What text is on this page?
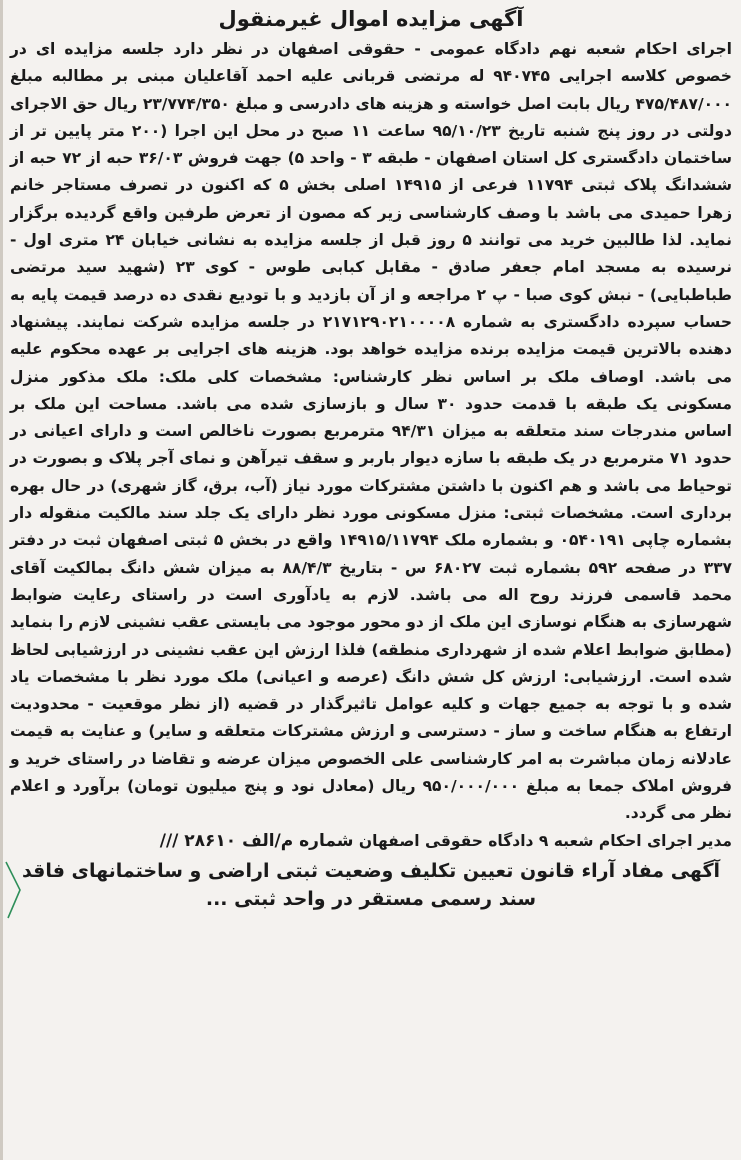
آگهی مزایده اموال غیرمنقول

اجرای احکام شعبه نهم دادگاه عمومی - حقوقی اصفهان در نظر دارد جلسه مزایده ای در خصوص کلاسه اجرایی ۹۴۰۷۴۵ له مرتضی قربانی علیه احمد آقاعلیان مبنی بر مطالبه مبلغ ۴۷۵/۴۸۷/۰۰۰ ریال بابت اصل خواسته و هزینه های دادرسی و مبلغ ۲۳/۷۷۴/۳۵۰ ریال حق الاجرای دولتی در روز پنج شنبه تاریخ ۹۵/۱۰/۲۳ ساعت ۱۱ صبح در محل این اجرا (۲۰۰ متر پایین تر از ساختمان دادگستری کل استان اصفهان - طبقه ۳ - واحد ۵) جهت فروش ۳۶/۰۳ حبه از ۷۲ حبه از ششدانگ پلاک ثبتی ۱۱۷۹۴ فرعی از ۱۴۹۱۵ اصلی بخش ۵ که اکنون در تصرف مستاجر خانم زهرا حمیدی می باشد با وصف کارشناسی زیر که مصون از تعرض طرفین واقع گردیده برگزار نماید. لذا طالبین خرید می توانند ۵ روز قبل از جلسه مزایده به نشانی خیابان ۲۴ متری اول - نرسیده به مسجد امام جعفر صادق - مقابل کبابی طوس - کوی ۲۳ (شهید سید مرتضی طباطبایی) - نبش کوی صبا - پ ۲ مراجعه و از آن بازدید و با تودیع نقدی ده درصد قیمت پایه به حساب سپرده دادگستری به شماره ۲۱۷۱۲۹۰۲۱۰۰۰۰۸ در جلسه مزایده شرکت نمایند. پیشنهاد دهنده بالاترین قیمت مزایده برنده مزایده خواهد بود. هزینه های اجرایی بر عهده محکوم علیه می باشد. اوصاف ملک بر اساس نظر کارشناس: مشخصات کلی ملک: ملک مذکور منزل مسکونی یک طبقه با قدمت حدود ۳۰ سال و بازسازی شده می باشد. مساحت این ملک بر اساس مندرجات سند متعلقه به میزان ۹۴/۳۱ مترمربع بصورت ناخالص است و دارای اعیانی در حدود ۷۱ مترمربع در یک طبقه با سازه دیوار باربر و سقف تیرآهن و نمای آجر پلاک و بصورت در توحیاط می باشد و هم اکنون با داشتن مشترکات مورد نیاز (آب، برق، گاز شهری) در حال بهره برداری است. مشخصات ثبتی: منزل مسکونی مورد نظر دارای یک جلد سند مالکیت منقوله دار بشماره چاپی ۰۵۴۰۱۹۱ و بشماره ملک ۱۴۹۱۵/۱۱۷۹۴ واقع در بخش ۵ ثبتی اصفهان ثبت در دفتر ۳۳۷ در صفحه ۵۹۲ بشماره ثبت ۶۸۰۲۷ س - بتاریخ ۸۸/۴/۳ به میزان شش دانگ بمالکیت آقای محمد قاسمی فرزند روح اله می باشد. لازم به یادآوری است در راستای رعایت ضوابط شهرسازی به هنگام نوسازی این ملک از دو محور موجود می بایستی عقب نشینی لازم را بنماید (مطابق ضوابط اعلام شده از شهرداری منطقه) فلذا ارزش این عقب نشینی در ارزشیابی لحاظ شده است. ارزشیابی: ارزش کل شش دانگ (عرصه و اعیانی) ملک مورد نظر با مشخصات یاد شده و با توجه به جمیع جهات و کلیه عوامل تاثیرگذار در قضیه (از نظر موقعیت - محدودیت ارتفاع به هنگام ساخت و ساز - دسترسی و ارزش مشترکات متعلقه و سایر) و عنایت به قیمت عادلانه زمان مباشرت به امر کارشناسی علی الخصوص میزان عرضه و تقاضا در راستای خرید و فروش املاک جمعا به مبلغ ۹۵۰/۰۰۰/۰۰۰ ریال (معادل نود و پنج میلیون تومان) برآورد و اعلام نظر می گردد.

مدیر اجرای احکام شعبه ۹ دادگاه حقوقی اصفهان شماره م/الف ۲۸۶۱۰ ///

آگهی مفاد آراء قانون تعیین تکلیف وضعیت ثبتی اراضی و ساختمانهای فاقد
سند رسمی مستقر در واحد ثبتی ...
